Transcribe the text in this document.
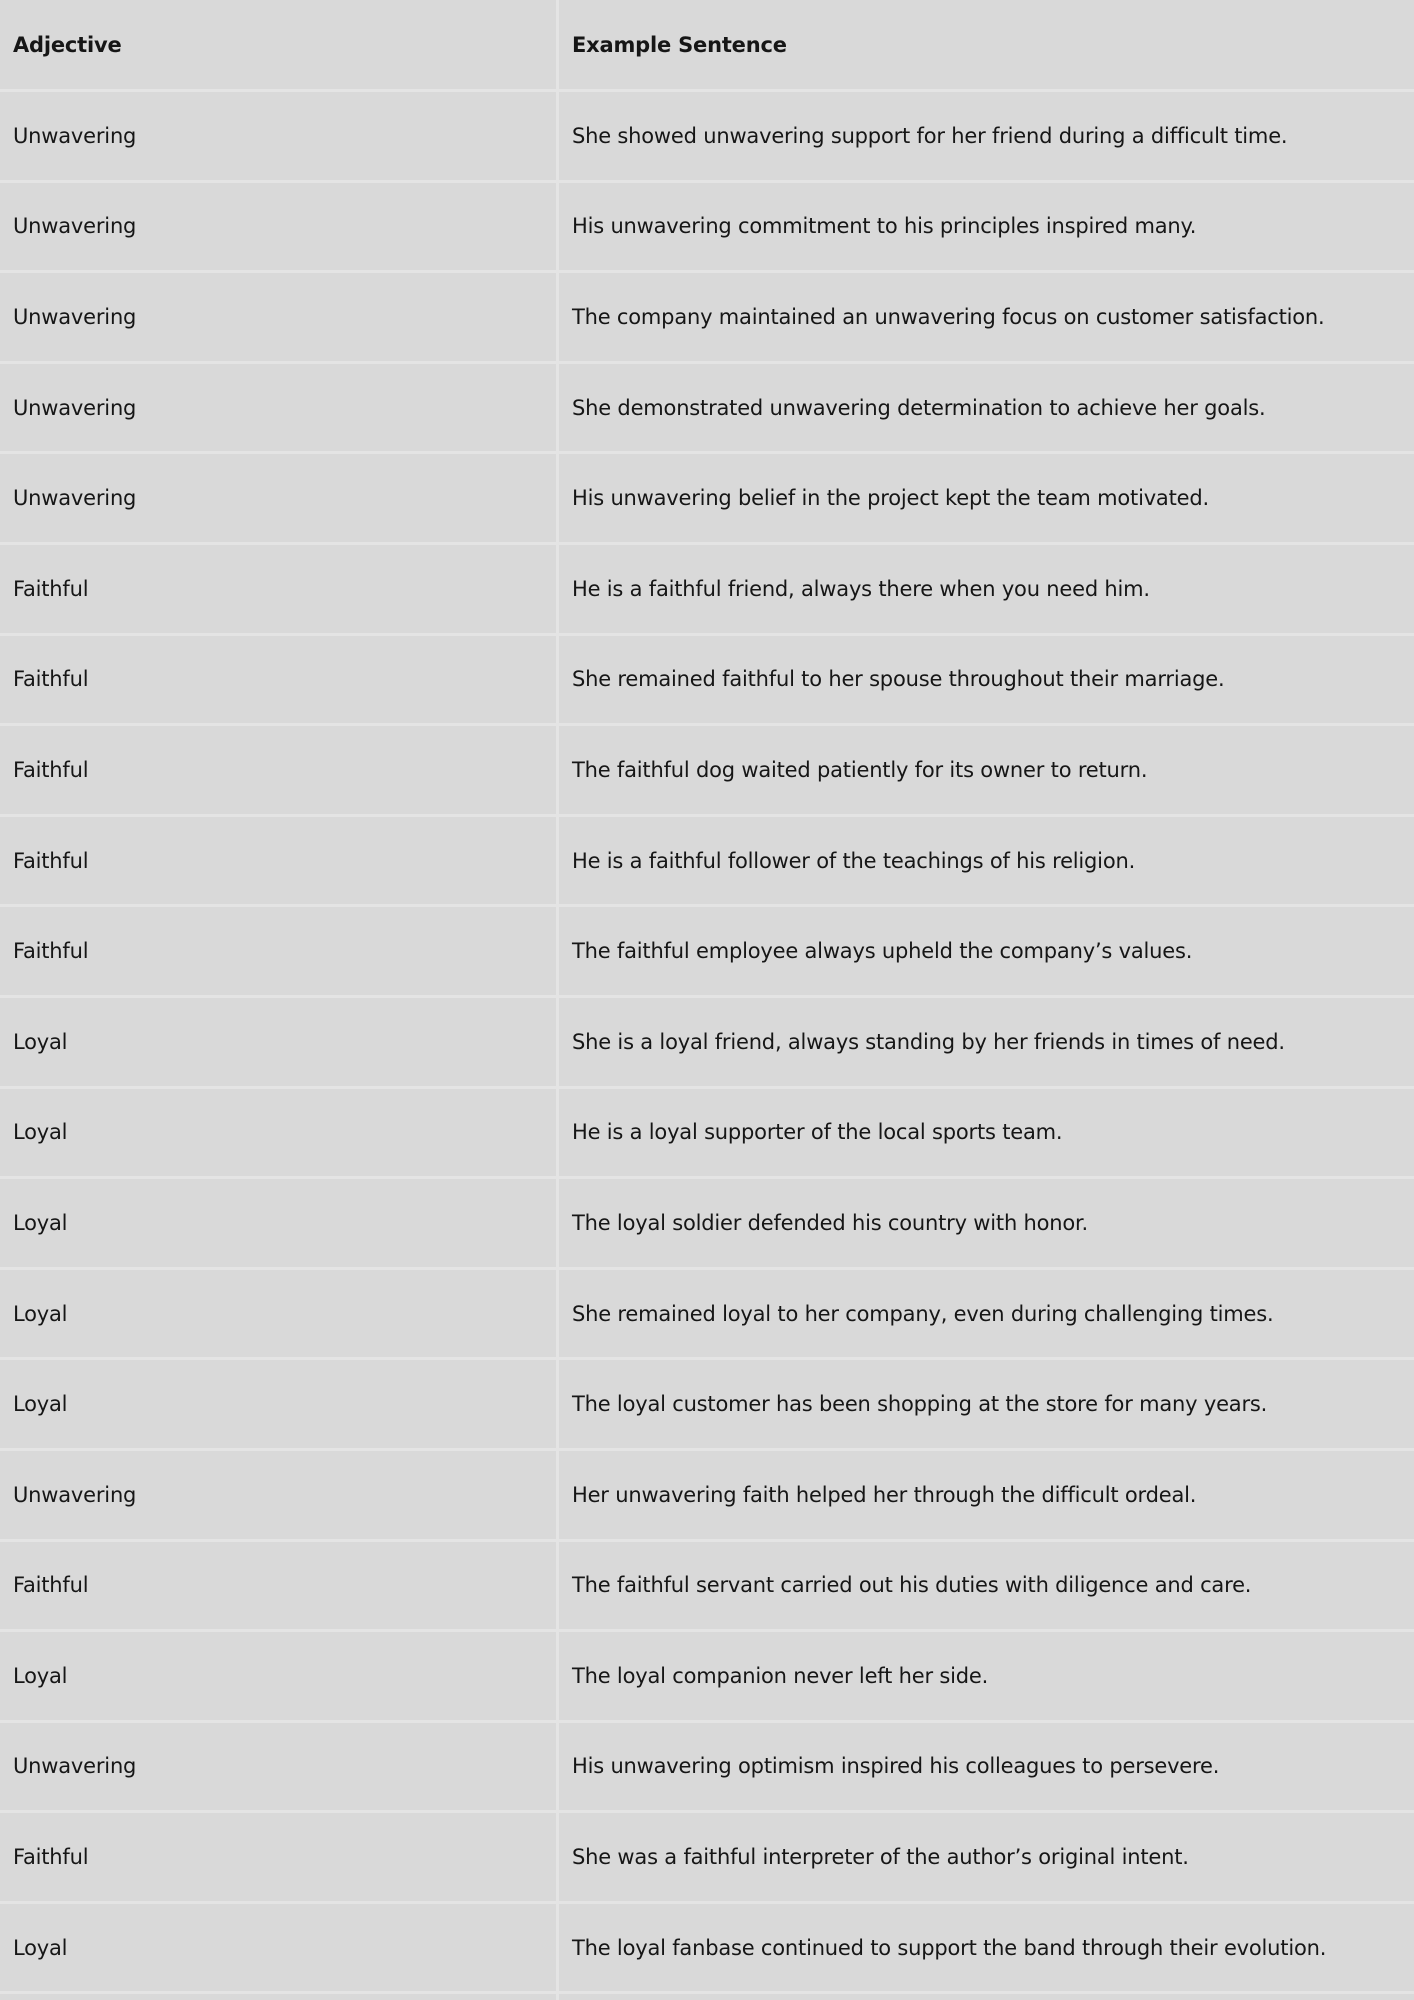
Adjective	Example Sentence
Unwavering	She showed unwavering support for her friend during a difficult time.
Unwavering	His unwavering commitment to his principles inspired many.
Unwavering	The company maintained an unwavering focus on customer satisfaction.
Unwavering	She demonstrated unwavering determination to achieve her goals.
Unwavering	His unwavering belief in the project kept the team motivated.
Faithful	He is a faithful friend, always there when you need him.
Faithful	She remained faithful to her spouse throughout their marriage.
Faithful	The faithful dog waited patiently for its owner to return.
Faithful	He is a faithful follower of the teachings of his religion.
Faithful	The faithful employee always upheld the company’s values.
Loyal	She is a loyal friend, always standing by her friends in times of need.
Loyal	He is a loyal supporter of the local sports team.
Loyal	The loyal soldier defended his country with honor.
Loyal	She remained loyal to her company, even during challenging times.
Loyal	The loyal customer has been shopping at the store for many years.
Unwavering	Her unwavering faith helped her through the difficult ordeal.
Faithful	The faithful servant carried out his duties with diligence and care.
Loyal	The loyal companion never left her side.
Unwavering	His unwavering optimism inspired his colleagues to persevere.
Faithful	She was a faithful interpreter of the author’s original intent.
Loyal	The loyal fanbase continued to support the band through their evolution.
